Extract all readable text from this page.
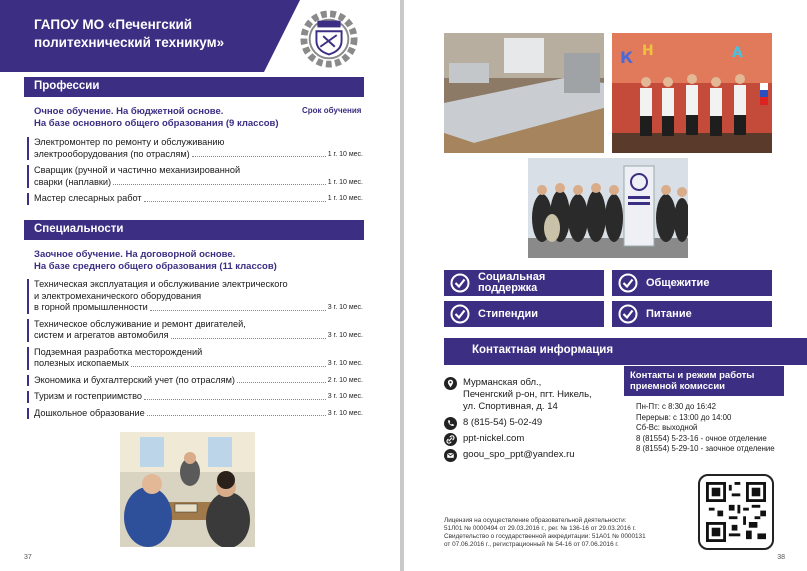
ГАПОУ МО «Печенгский политехнический техникум»
Профессии
Очное обучение. На бюджетной основе.
На базе основного общего образования (9 классов)
Срок обучения
Электромонтер по ремонту и обслуживанию
электрооборудования (по отраслям)	1 г. 10 мес.
Сварщик (ручной и частично механизированной
сварки (наплавки)	1 г. 10 мес.
Мастер слесарных работ	1 г. 10 мес.
Специальности
Заочное обучение. На договорной основе.
На базе среднего общего образования (11 классов)
Техническая эксплуатация и обслуживание электрического
и электромеханического оборудования
в горной промышленности	3 г. 10 мес.
Техническое обслуживание и ремонт двигателей,
систем и агрегатов автомобиля	3 г. 10 мес.
Подземная разработка месторождений
полезных ископаемых	3 г. 10 мес.
Экономика и бухгалтерский учет (по отраслям)	2 г. 10 мес.
Туризм и гостеприимство	3 г. 10 мес.
Дошкольное образование	3 г. 10 мес.
37
К Н	А
Социальная
поддержка	Общежитие
Стипендии	Питание
Контактная информация
Мурманская обл.,
Печенгский р-он, пгт. Никель,
ул. Спортивная, д. 14
8 (815-54) 5-02-49
ppt-nickel.com
goou_spo_ppt@yandex.ru
Контакты и режим работы
приемной комиссии
Пн-Пт: с 8:30 до 16:42
Перерыв: с 13:00 до 14:00
Сб-Вс: выходной
8 (81554) 5-23-16 - очное отделение
8 (81554) 5-29-10 - заочное отделение
Лицензия на осуществление образовательной деятельности:
51Л01 № 0000494 от 29.03.2016 г., рег. № 136-16 от 29.03.2016 г.
Свидетельство о государственной аккредитации: 51А01 № 0000131
от 07.06.2016 г., регистрационный № 54-16 от 07.06.2016 г.
38
